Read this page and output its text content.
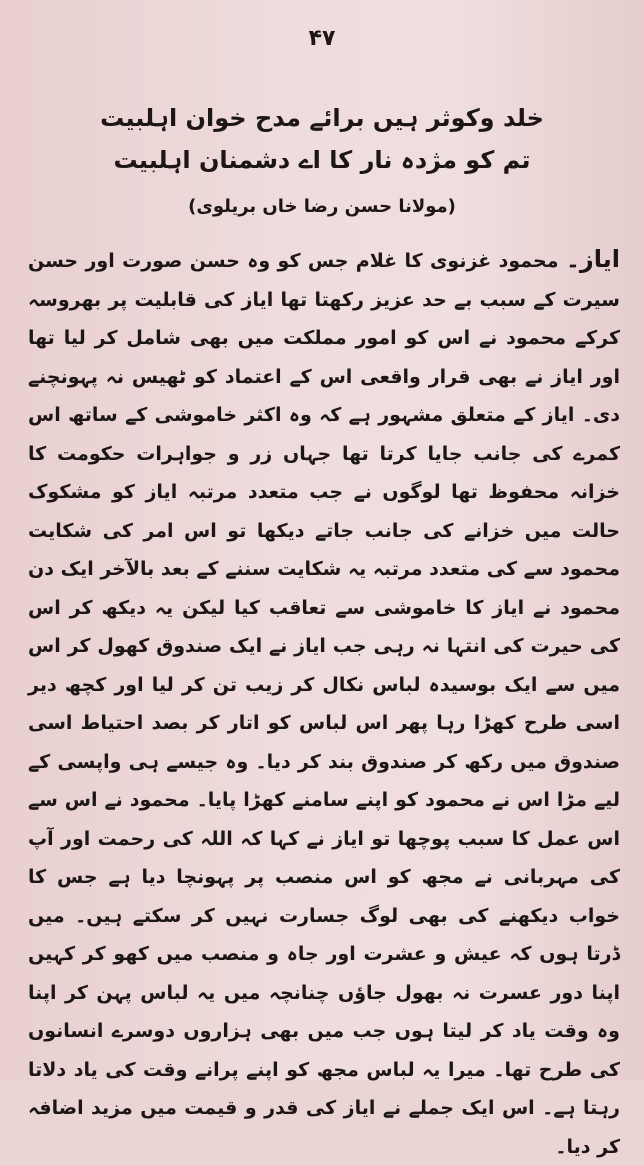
۴۷
خلد وکوثر ہیں برائے مدح خوان اہلبیت
تم کو مژدہ نار کا اے دشمنان اہلبیت
(مولانا حسن رضا خاں بریلوی)
ایاز۔ محمود غزنوی کا غلام جس کو وہ حسن صورت اور حسن سیرت کے سبب بے حد عزیز رکھتا تھا ایاز کی قابلیت پر بھروسہ کرکے محمود نے اس کو امور مملکت میں بھی شامل کر لیا تھا اور ایاز نے بھی قرار واقعی اس کے اعتماد کو ٹھیس نہ پہونچنے دی۔ ایاز کے متعلق مشہور ہے کہ وہ اکثر خاموشی کے ساتھ اس کمرے کی جانب جایا کرتا تھا جہاں زر و جواہرات حکومت کا خزانہ محفوظ تھا لوگوں نے جب متعدد مرتبہ ایاز کو مشکوک حالت میں خزانے کی جانب جاتے دیکھا تو اس امر کی شکایت محمود سے کی متعدد مرتبہ یہ شکایت سننے کے بعد بالآخر ایک دن محمود نے ایاز کا خاموشی سے تعاقب کیا لیکن یہ دیکھ کر اس کی حیرت کی انتہا نہ رہی جب ایاز نے ایک صندوق کھول کر اس میں سے ایک بوسیدہ لباس نکال کر زیب تن کر لیا اور کچھ دیر اسی طرح کھڑا رہا پھر اس لباس کو اتار کر بصد احتیاط اسی صندوق میں رکھ کر صندوق بند کر دیا۔ وہ جیسے ہی واپسی کے لیے مڑا اس نے محمود کو اپنے سامنے کھڑا پایا۔ محمود نے اس سے اس عمل کا سبب پوچھا تو ایاز نے کہا کہ اللہ کی رحمت اور آپ کی مہربانی نے مجھ کو اس منصب پر پہونچا دیا ہے جس کا خواب دیکھنے کی بھی لوگ جسارت نہیں کر سکتے ہیں۔ میں ڈرتا ہوں کہ عیش و عشرت اور جاہ و منصب میں کھو کر کہیں اپنا دور عسرت نہ بھول جاؤں چنانچہ میں یہ لباس پہن کر اپنا وہ وقت یاد کر لیتا ہوں جب میں بھی ہزاروں دوسرے انسانوں کی طرح تھا۔ میرا یہ لباس مجھ کو اپنے پرانے وقت کی یاد دلاتا رہتا ہے۔ اس ایک جملے نے ایاز کی قدر و قیمت میں مزید اضافہ کر دیا۔
